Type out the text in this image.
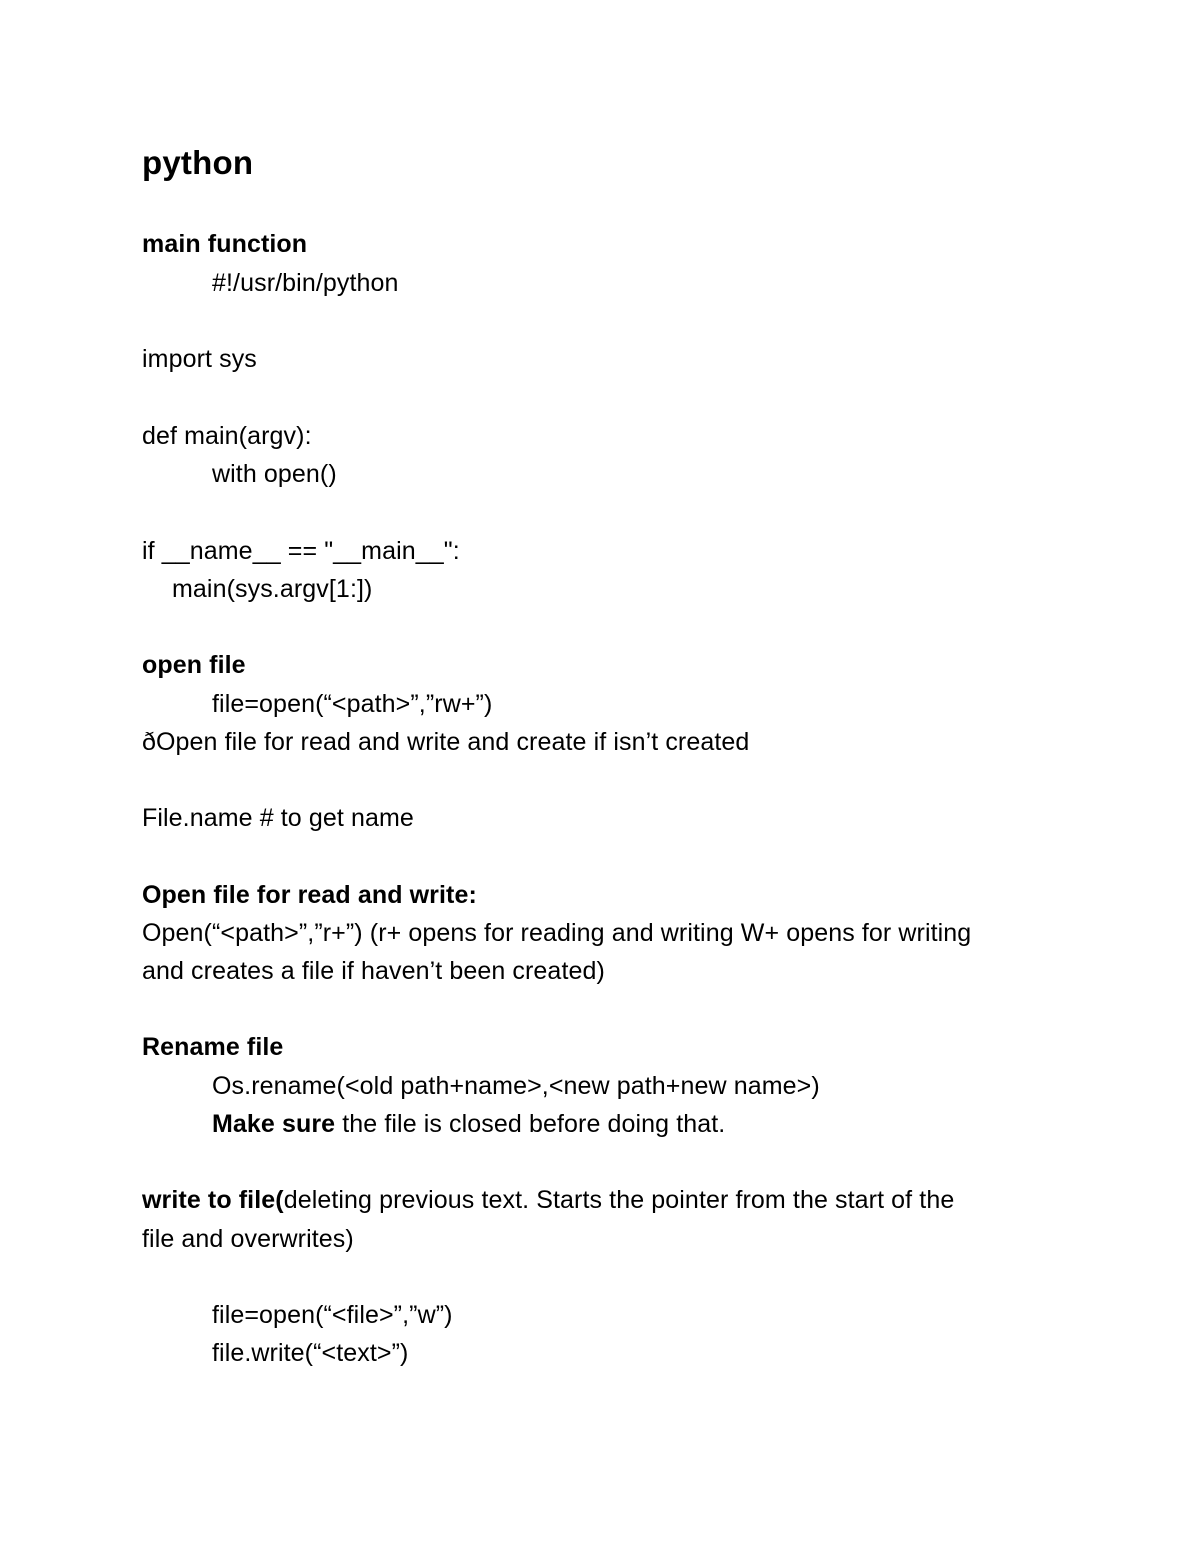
python
main function
#!/usr/bin/python
import sys
def main(argv):
with open()
if __name__ == "__main__":
main(sys.argv[1:])
open file
file=open(“<path>”,”rw+”)
ðOpen file for read and write and create if isn’t created
File.name # to get name
Open file for read and write:
Open(“<path>”,”r+”) (r+ opens for reading and writing W+ opens for writing
and creates a file if haven’t been created)
Rename file
Os.rename(<old path+name>,<new path+new name>)
Make sure the file is closed before doing that.
write to file(deleting previous text. Starts the pointer from the start of the
file and overwrites)
file=open(“<file>”,”w”)
file.write(“<text>”)
